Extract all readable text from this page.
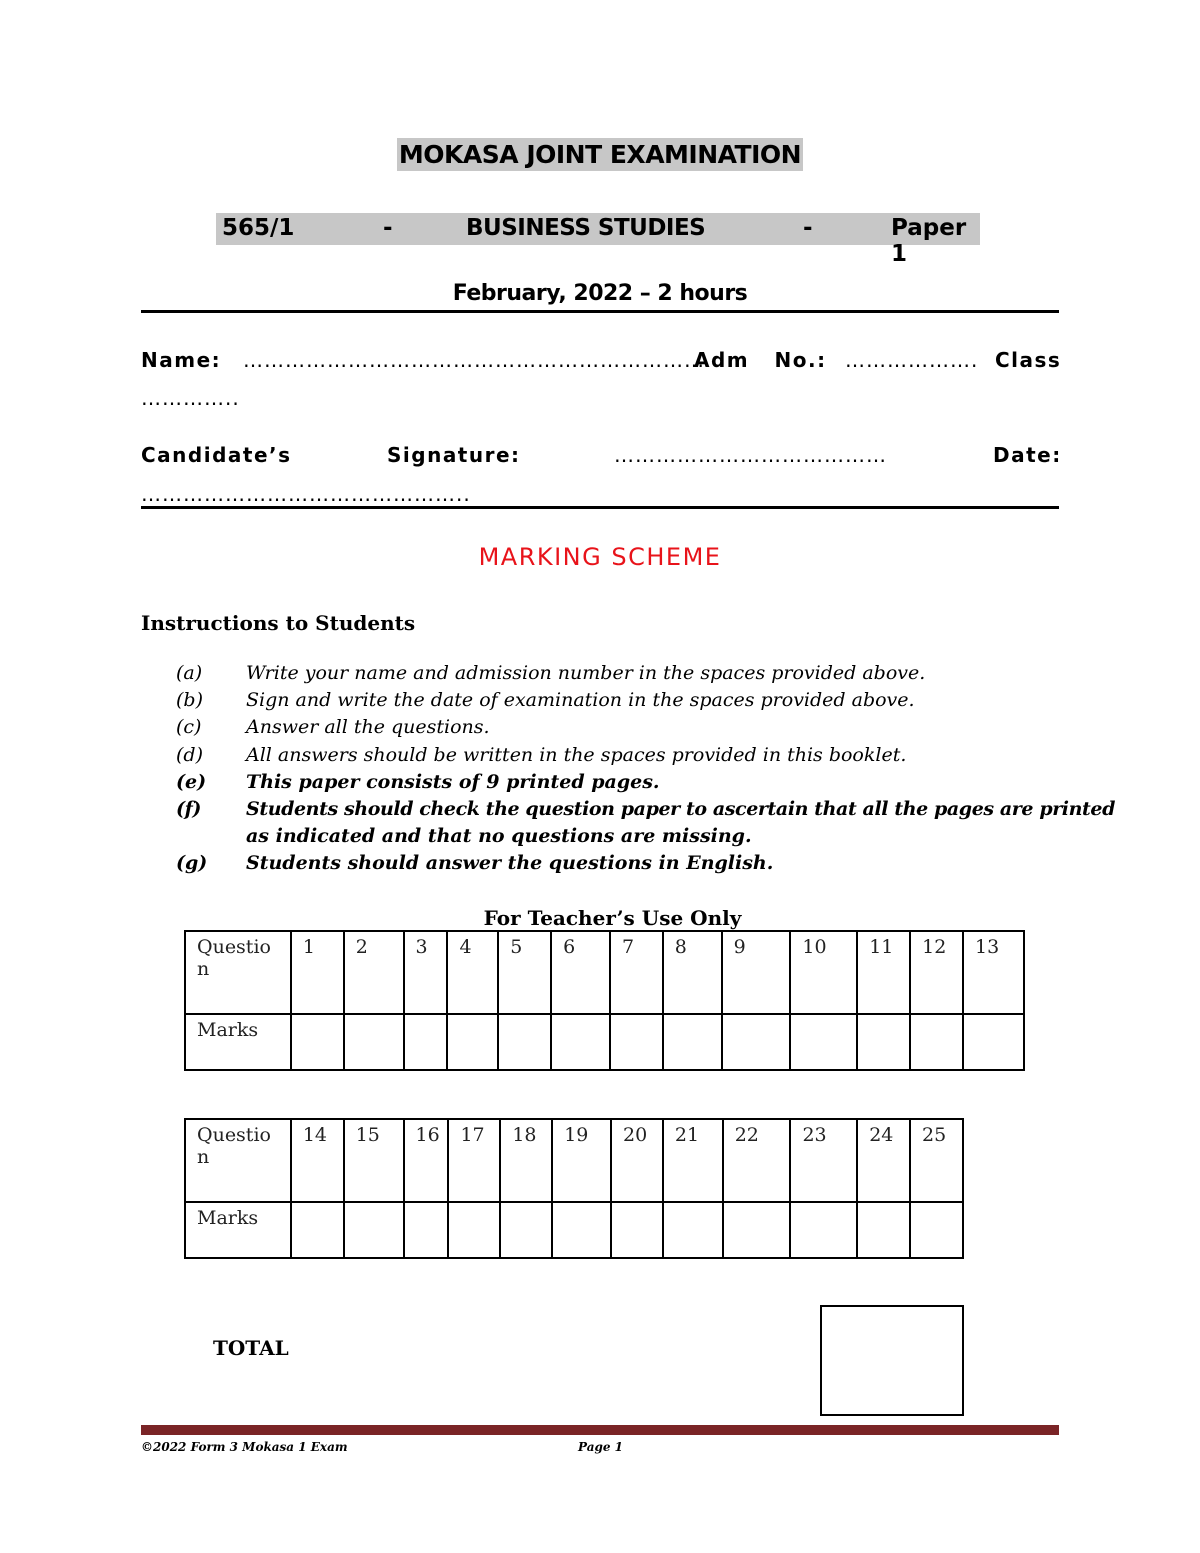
MOKASA JOINT EXAMINATION
565/1	-	BUSINESS STUDIES	-	Paper 1
February, 2022 – 2 hours
Name: …………………………………………………………
Adm   No.: ………………. Class
…………..
Candidate’s	Signature:	…………………………………	Date:
………………………………………..
MARKING SCHEME
Instructions to Students
(a) Write your name and admission number in the spaces provided above.
(b) Sign and write the date of examination in the spaces provided above.
(c) Answer all the questions.
(d) All answers should be written in the spaces provided in this booklet.
(e) This paper consists of 9 printed pages.
(f) Students should check the question paper to ascertain that all the pages are printed
as indicated and that no questions are missing.
(g) Students should answer the questions in English.
For Teacher’s Use Only
Questio
n	1	2	3	4	5	6	7	8	9	10	11	12	13
Marks													
Questio
n	14	15	16	17	18	19	20	21	22	23	24	25
Marks												
TOTAL
©2022 Form 3 Mokasa 1 Exam	Page 1
